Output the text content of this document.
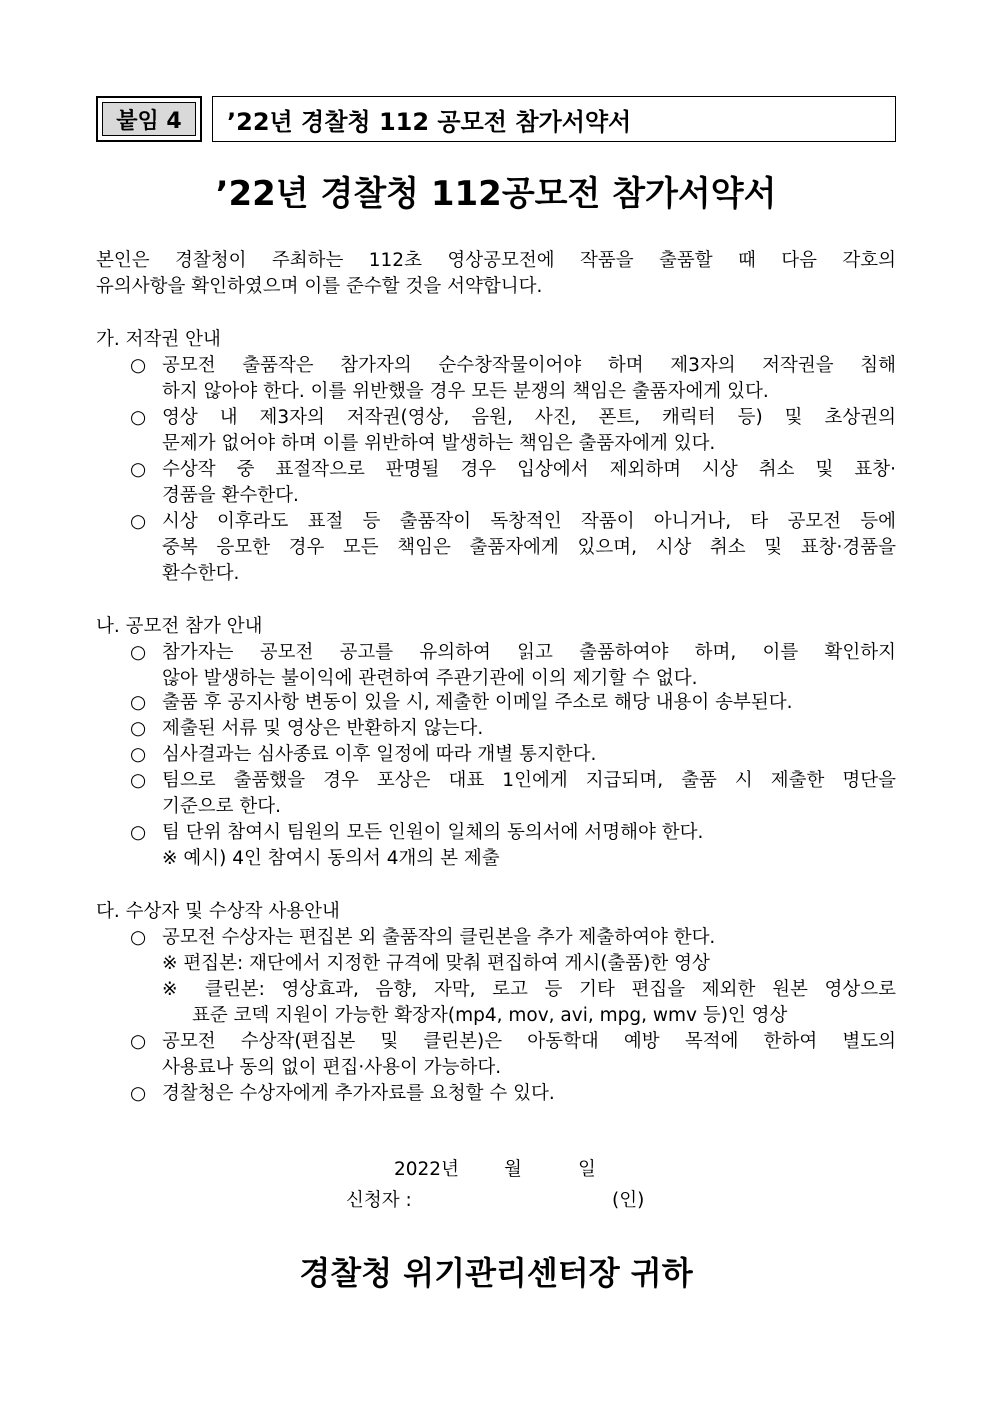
붙임 4	’22년 경찰청 112 공모전 참가서약서
’22년 경찰청 112공모전 참가서약서
본인은 경찰청이 주최하는 112초 영상공모전에 작품을 출품할 때 다음 각호의
유의사항을 확인하였으며 이를 준수할 것을 서약합니다.
가. 저작권 안내
○ 공모전 출품작은 참가자의 순수창작물이어야 하며 제3자의 저작권을 침해
하지 않아야 한다. 이를 위반했을 경우 모든 분쟁의 책임은 출품자에게 있다.
○ 영상 내 제3자의 저작권(영상, 음원, 사진, 폰트, 캐릭터 등) 및 초상권의
문제가 없어야 하며 이를 위반하여 발생하는 책임은 출품자에게 있다.
○ 수상작 중 표절작으로 판명될 경우 입상에서 제외하며 시상 취소 및 표창·
경품을 환수한다.
○ 시상 이후라도 표절 등 출품작이 독창적인 작품이 아니거나, 타 공모전 등에
중복 응모한 경우 모든 책임은 출품자에게 있으며, 시상 취소 및 표창·경품을
환수한다.
나. 공모전 참가 안내
○ 참가자는 공모전 공고를 유의하여 읽고 출품하여야 하며, 이를 확인하지
않아 발생하는 불이익에 관련하여 주관기관에 이의 제기할 수 없다.
○ 출품 후 공지사항 변동이 있을 시, 제출한 이메일 주소로 해당 내용이 송부된다.
○ 제출된 서류 및 영상은 반환하지 않는다.
○ 심사결과는 심사종료 이후 일정에 따라 개별 통지한다.
○ 팀으로 출품했을 경우 포상은 대표 1인에게 지급되며, 출품 시 제출한 명단을
기준으로 한다.
○ 팀 단위 참여시 팀원의 모든 인원이 일체의 동의서에 서명해야 한다.
※ 예시) 4인 참여시 동의서 4개의 본 제출
다. 수상자 및 수상작 사용안내
○ 공모전 수상자는 편집본 외 출품작의 클린본을 추가 제출하여야 한다.
※ 편집본: 재단에서 지정한 규격에 맞춰 편집하여 게시(출품)한 영상
※ 클린본: 영상효과, 음향, 자막, 로고 등 기타 편집을 제외한 원본 영상으로
표준 코덱 지원이 가능한 확장자(mp4, mov, avi, mpg, wmv 등)인 영상
○ 공모전 수상작(편집본 및 클린본)은 아동학대 예방 목적에 한하여 별도의
사용료나 동의 없이 편집·사용이 가능하다.
○ 경찰청은 수상자에게 추가자료를 요청할 수 있다.
2022년 월	일
신청자 :	(인)
경찰청 위기관리센터장 귀하
